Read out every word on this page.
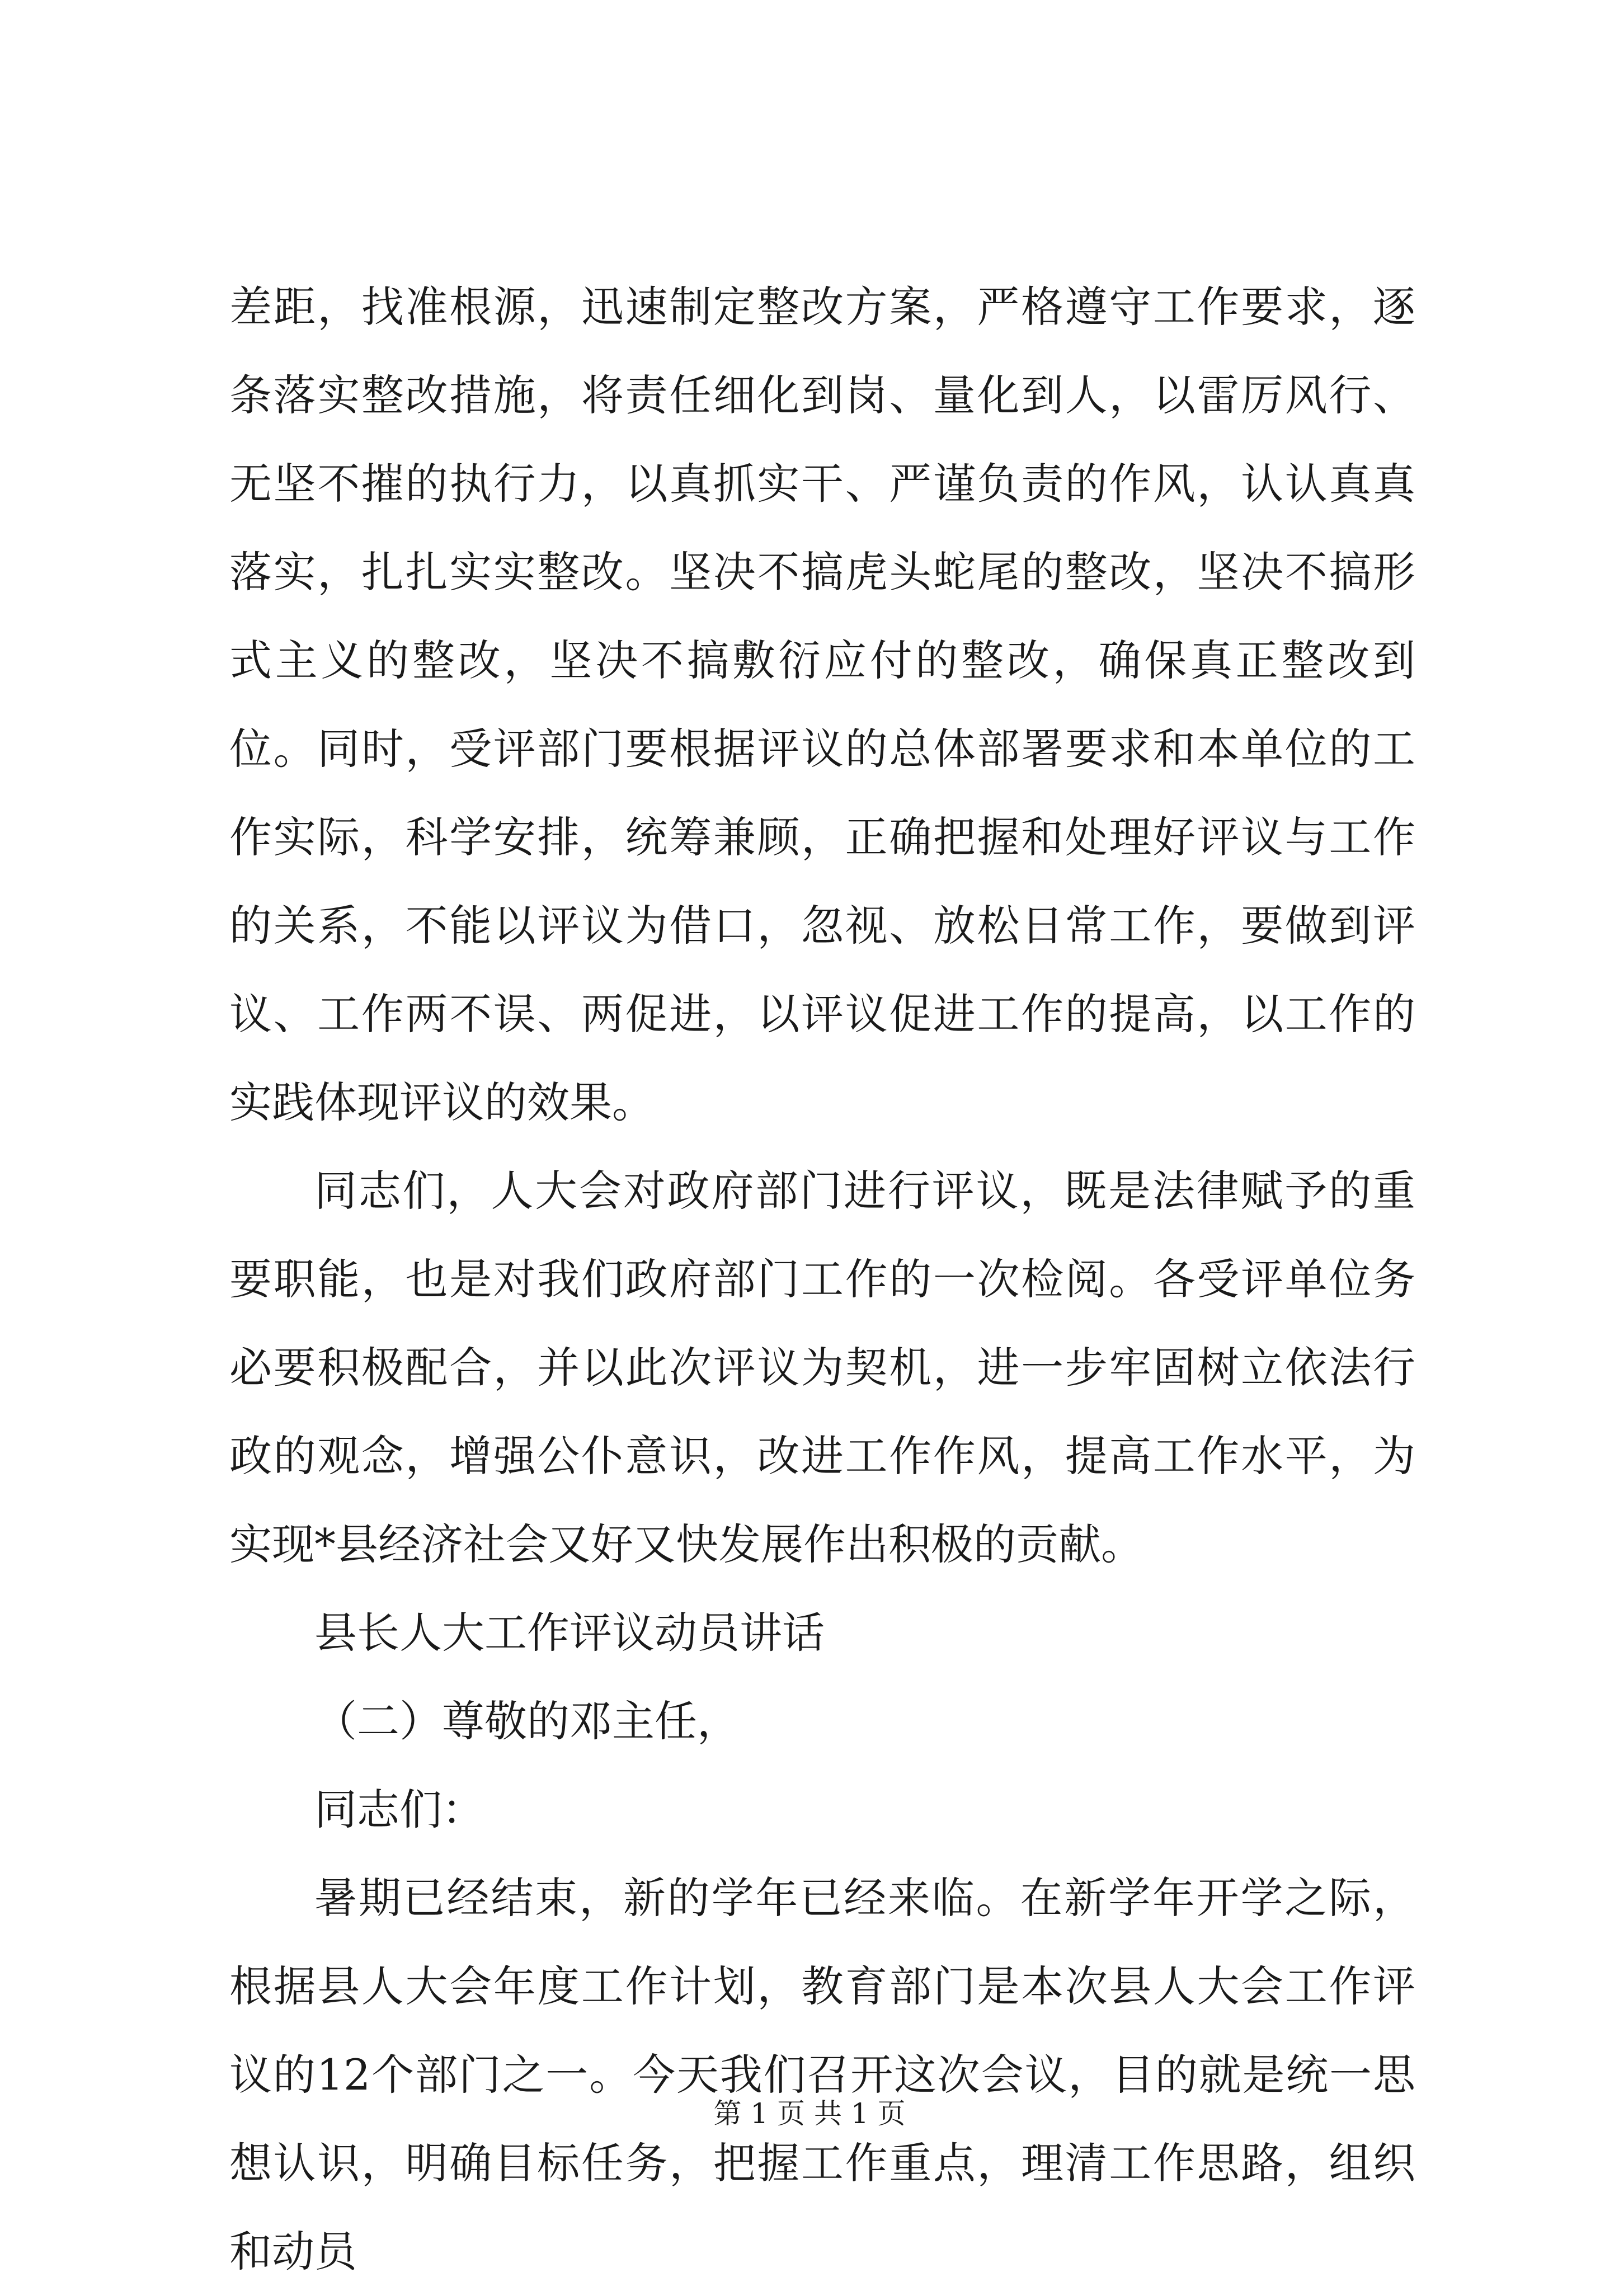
差距，找准根源，迅速制定整改方案，严格遵守工作要求，逐条落实整改措施，将责任细化到岗、量化到人，以雷厉风行、无坚不摧的执行力，以真抓实干、严谨负责的作风，认认真真落实，扎扎实实整改。坚决不搞虎头蛇尾的整改，坚决不搞形式主义的整改，坚决不搞敷衍应付的整改，确保真正整改到位。同时，受评部门要根据评议的总体部署要求和本单位的工作实际，科学安排，统筹兼顾，正确把握和处理好评议与工作的关系，不能以评议为借口，忽视、放松日常工作，要做到评议、工作两不误、两促进，以评议促进工作的提高，以工作的实践体现评议的效果。

同志们，人大会对政府部门进行评议，既是法律赋予的重要职能，也是对我们政府部门工作的一次检阅。各受评单位务必要积极配合，并以此次评议为契机，进一步牢固树立依法行政的观念，增强公仆意识，改进工作作风，提高工作水平，为实现*县经济社会又好又快发展作出积极的贡献。

县长人大工作评议动员讲话

（二）尊敬的邓主任，

同志们：

暑期已经结束，新的学年已经来临。在新学年开学之际，根据县人大会年度工作计划，教育部门是本次县人大会工作评议的12个部门之一。今天我们召开这次会议，目的就是统一思想认识，明确目标任务，把握工作重点，理清工作思路，组织和动员

第 1 页 共 1 页
